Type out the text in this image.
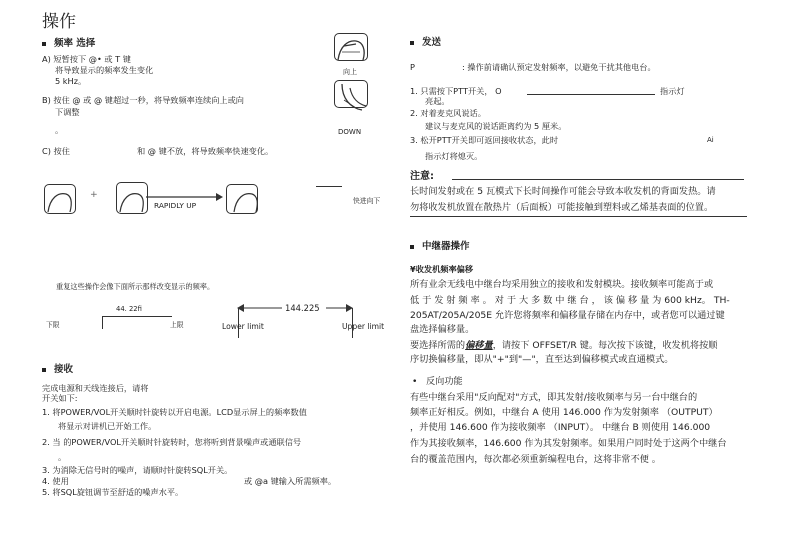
操作
频率 选择
A) 短暂按下 @• 或 T 键
将导致显示的频率发生变化
5 kHz。
向上
B) 按住 @ 或 @ 键超过一秒，将导致频率连续向上或向
下调整
。	DOWN
C) 按住	和 @ 键不放，将导致频率快速变化。
+
RAPIDLY UP	快进向下
重复这些操作会像下面所示那样改变显示的频率。
44. 22fi
下限	上限
144.225
Lower limit	Upper limit
接收
完成电源和天线连接后，请将
开关如下:
1. 将POWER/VOL开关顺时针旋转以开启电源。LCD显示屏上的频率数值
将显示对讲机已开始工作。
2. 当 的POWER/VOL开关顺时针旋转时，您将听到背景噪声或通联信号
。
3. 为消除无信号时的噪声，请顺时针旋转SQL开关。
4. 使用	或 @a 键输入所需频率。
5. 将SQL旋钮调节至舒适的噪声水平。
发送
P	: 操作前请确认预定发射频率，以避免干扰其他电台。
1. 只需按下PTT开关， O	指示灯
亮起。
2. 对着麦克风说话。
建议与麦克风的说话距离约为 5 厘米。
3. 松开PTT开关即可返回接收状态，此时	Ai
指示灯将熄灭。
注意:
长时间发射或在 5 瓦模式下长时间操作可能会导致本收发机的背面发热。请
勿将收发机放置在散热片（后面板）可能接触到塑料或乙烯基表面的位置。
中继器操作
¥收发机频率偏移
所有业余无线电中继台均采用独立的接收和发射模块。接收频率可能高于或
低 于 发 射 频 率 。 对 于 大 多 数 中 继 台 ， 该 偏 移 量 为 600 kHz。 TH-
205AT/205A/205E 允许您将频率和偏移量存储在内存中，或者您可以通过键
盘选择偏移量。
要选择所需的偏移量，请按下 OFFSET/R 键。每次按下该键，收发机将按顺
序切换偏移量，即从"+"到"—"，直至达到偏移模式或直通模式。
• 反向功能
有些中继台采用"反向配对"方式，即其发射/接收频率与另一台中继台的
频率正好相反。例如，中继台 A 使用 146.000 作为发射频率 （OUTPUT）
，并使用 146.600 作为接收频率 （INPUT）。 中继台 B 则使用 146.000
作为其接收频率，146.600 作为其发射频率。如果用户同时处于这两个中继台
台的覆盖范围内，每次都必须重新编程电台，这将非常不便 。
